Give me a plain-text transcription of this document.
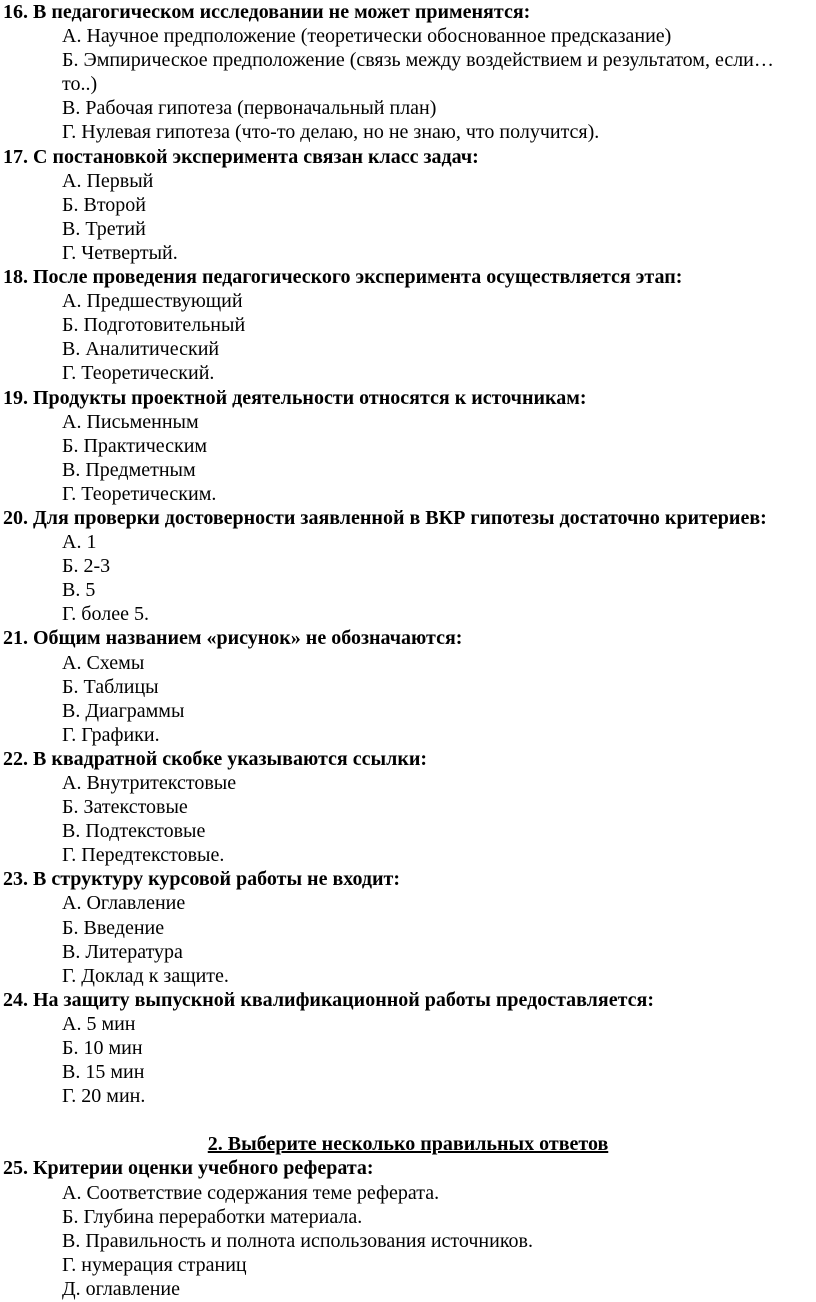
16. В педагогическом исследовании не может применятся:
А. Научное предположение (теоретически обоснованное предсказание)
Б. Эмпирическое предположение (связь между воздействием и результатом, если… то..)
В. Рабочая гипотеза (первоначальный план)
Г. Нулевая гипотеза (что-то делаю, но не знаю, что получится).
17. С постановкой эксперимента связан класс задач:
А. Первый
Б. Второй
В. Третий
Г. Четвертый.
18. После проведения педагогического эксперимента осуществляется этап:
А. Предшествующий
Б. Подготовительный
В. Аналитический
Г. Теоретический.
19. Продукты проектной деятельности относятся к источникам:
А. Письменным
Б. Практическим
В. Предметным
Г. Теоретическим.
20. Для проверки достоверности заявленной в ВКР гипотезы достаточно критериев:
А. 1
Б. 2-3
В. 5
Г. более 5.
21. Общим названием «рисунок» не обозначаются:
А. Схемы
Б. Таблицы
В. Диаграммы
Г. Графики.
22. В квадратной скобке указываются ссылки:
А. Внутритекстовые
Б. Затекстовые
В. Подтекстовые
Г. Передтекстовые.
23. В структуру курсовой работы не входит:
А. Оглавление
Б. Введение
В. Литература
Г. Доклад к защите.
24. На защиту выпускной квалификационной работы предоставляется:
А. 5 мин
Б. 10 мин
В. 15 мин
Г. 20 мин.
2. Выберите несколько правильных ответов
25. Критерии оценки учебного реферата:
А. Соответствие содержания теме реферата.
Б. Глубина переработки материала.
В. Правильность и полнота использования источников.
Г. нумерация страниц
Д. оглавление
